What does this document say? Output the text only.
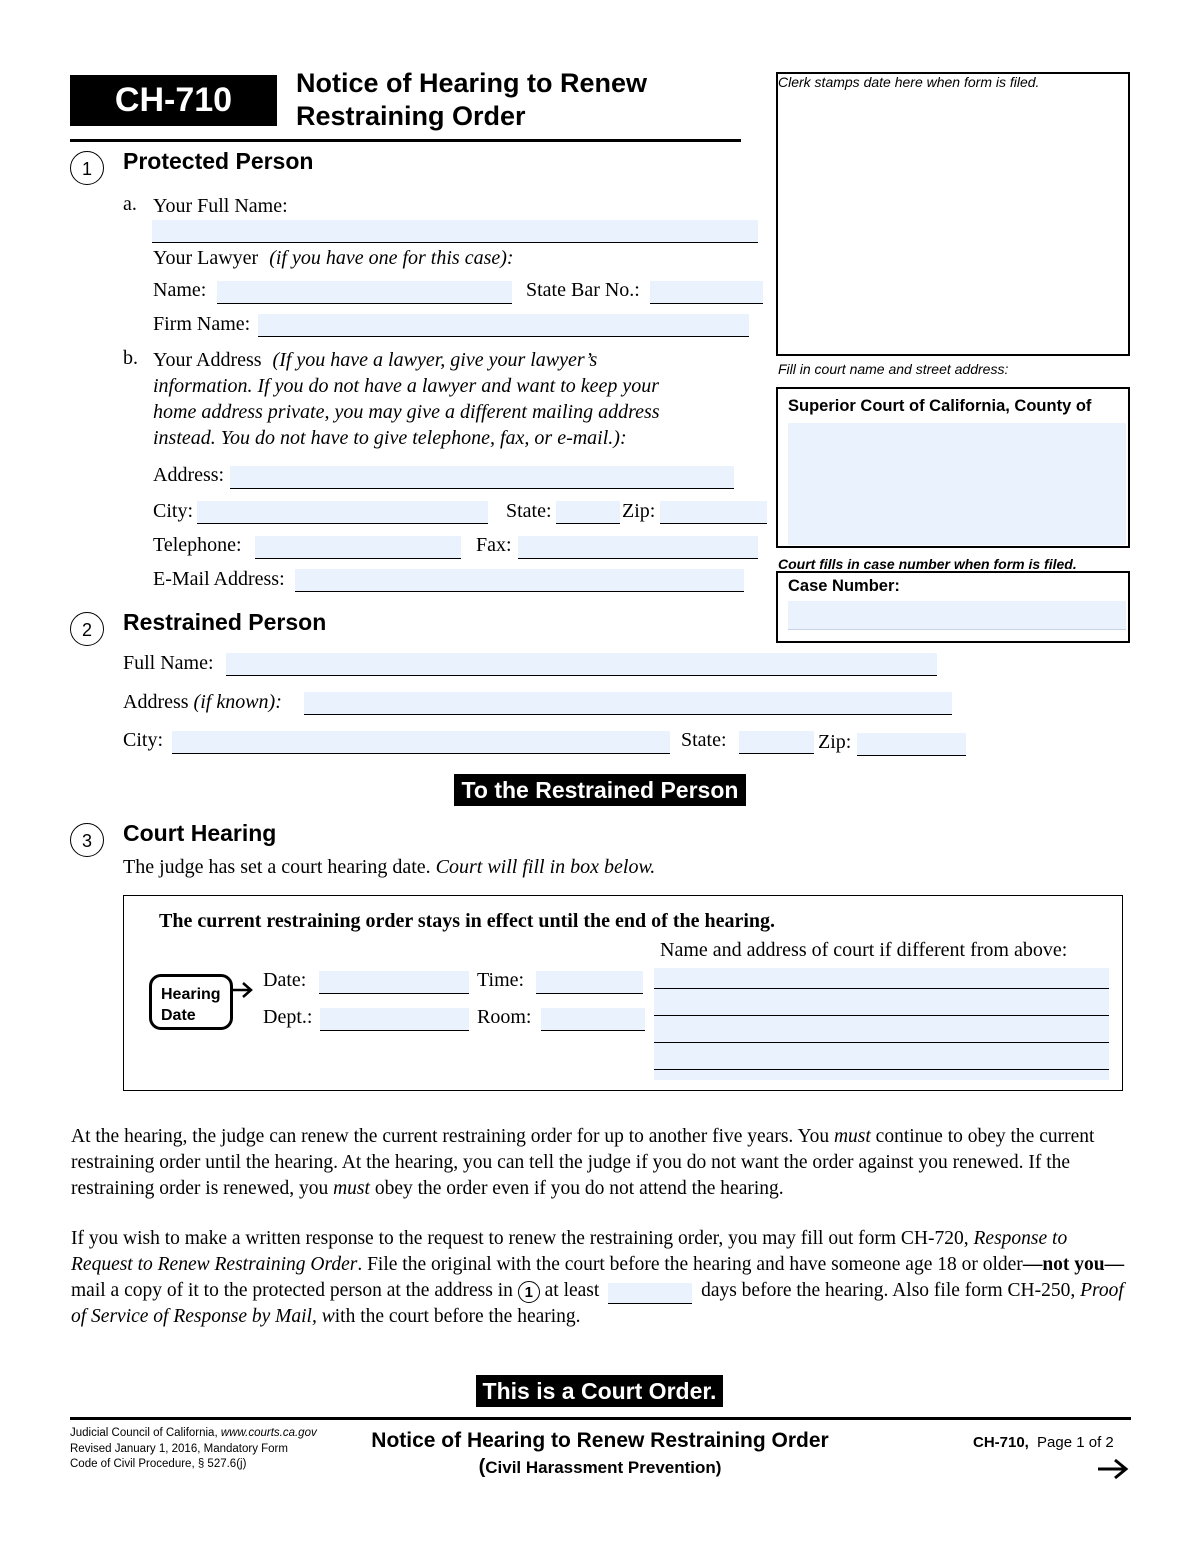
CH-710	Notice of Hearing to Renew
Restraining Order
Clerk stamps date here when form is filed.
Fill in court name and street address:
Superior Court of California, County of
Court fills in case number when form is filed.
Case Number:
1	Protected Person
a. Your Full Name:
Your Lawyer (if you have one for this case):
Name:	State Bar No.:
Firm Name:
b. Your Address (If you have a lawyer, give your lawyer’s
information. If you do not have a lawyer and want to keep your
home address private, you may give a different mailing address
instead. You do not have to give telephone, fax, or e-mail.):
Address:
City:	State:	Zip:
Telephone:	Fax:
E-Mail Address:
2	Restrained Person
Full Name:
Address (if known):
City:	State:	Zip:
To the Restrained Person
3	Court Hearing
The judge has set a court hearing date. Court will fill in box below.
The current restraining order stays in effect until the end of the hearing.
Name and address of court if different from above:
Hearing
Date
Date:	Time:
Dept.:	Room:
At the hearing, the judge can renew the current restraining order for up to another five years. You must continue to obey the current restraining order until the hearing. At the hearing, you can tell the judge if you do not want the order against you renewed. If the restraining order is renewed, you must obey the order even if you do not attend the hearing.
If you wish to make a written response to the request to renew the restraining order, you may fill out form CH-720, Response to Request to Renew Restraining Order. File the original with the court before the hearing and have someone age 18 or older—not you—mail a copy of it to the protected person at the address in 1 at least	days before the hearing. Also file form CH-250, Proof of Service of Response by Mail, with the court before the hearing.
This is a Court Order.
Judicial Council of California, www.courts.ca.gov
Revised January 1, 2016, Mandatory Form
Code of Civil Procedure, § 527.6(j)
Notice of Hearing to Renew Restraining Order
(Civil Harassment Prevention)
CH-710, Page 1 of 2
